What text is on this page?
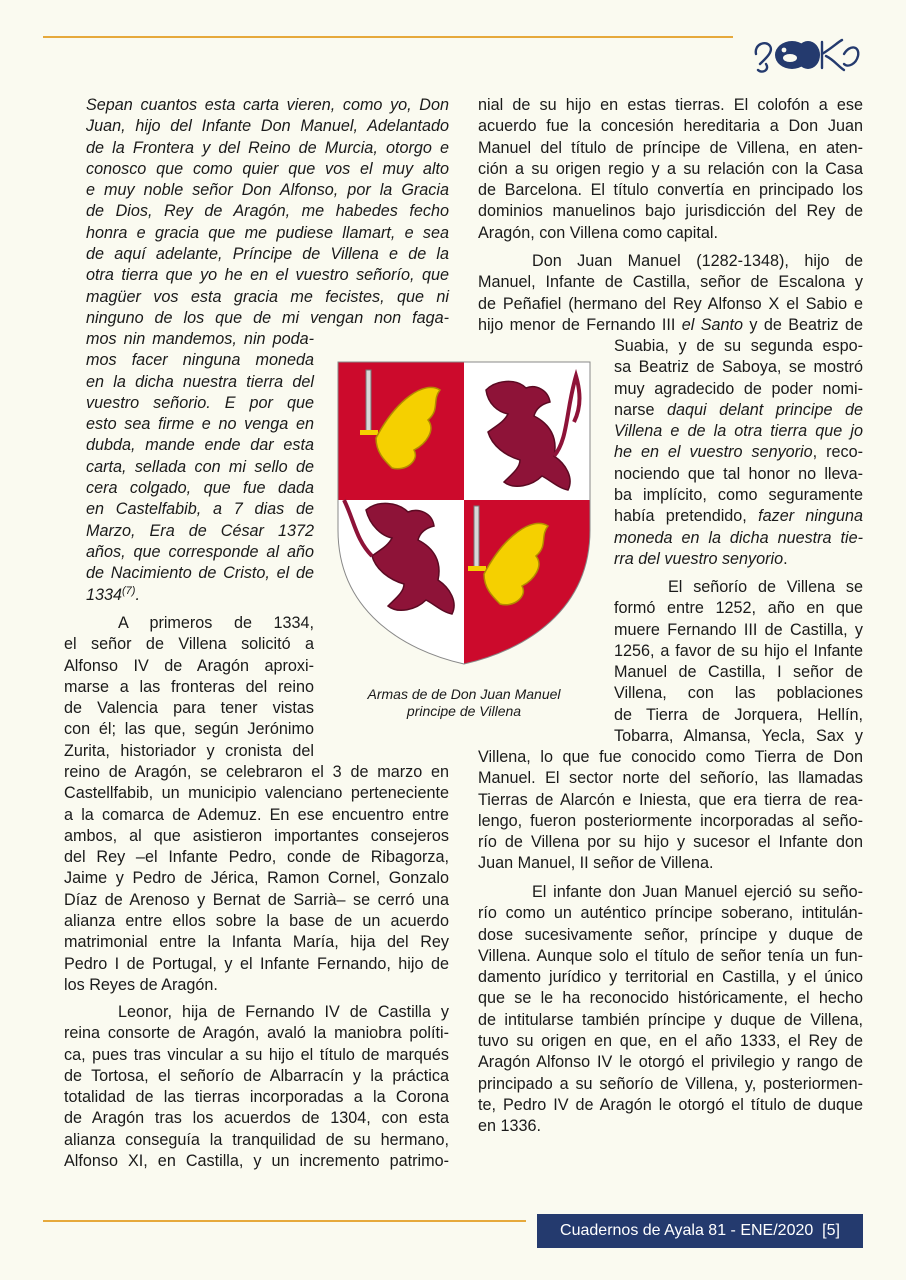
Sepan cuantos esta carta vieren, como yo, Don
Juan, hijo del Infante Don Manuel, Adelantado
de la Frontera y del Reino de Murcia, otorgo e
conosco que como quier que vos el muy alto
e muy noble señor Don Alfonso, por la Gracia
de Dios, Rey de Aragón, me habedes fecho
honra e gracia que me pudiese llamart, e sea
de aquí adelante, Príncipe de Villena e de la
otra tierra que yo he en el vuestro señorío, que
magüer vos esta gracia me fecistes, que ni
ninguno de los que de mi vengan non faga-
mos nin mandemos, nin poda-
mos facer ninguna moneda
en la dicha nuestra tierra del
vuestro señorio. E por que
esto sea firme e no venga en
dubda, mande ende dar esta
carta, sellada con mi sello de
cera colgado, que fue dada
en Castelfabib, a 7 dias de
Marzo, Era de César 1372
años, que corresponde al año
de Nacimiento de Cristo, el de
1334$^{(7)}$.
A primeros de 1334,
el señor de Villena solicitó a
Alfonso IV de Aragón aproxi-
marse a las fronteras del reino
de Valencia para tener vistas
con él; las que, según Jerónimo
Zurita, historiador y cronista del
reino de Aragón, se celebraron el 3 de marzo en
Castellfabib, un municipio valenciano perteneciente
a la comarca de Ademuz. En ese encuentro entre
ambos, al que asistieron importantes consejeros
del Rey –el Infante Pedro, conde de Ribagorza,
Jaime y Pedro de Jérica, Ramon Cornel, Gonzalo
Díaz de Arenoso y Bernat de Sarrià– se cerró una
alianza entre ellos sobre la base de un acuerdo
matrimonial entre la Infanta María, hija del Rey
Pedro I de Portugal, y el Infante Fernando, hijo de
los Reyes de Aragón.
Leonor, hija de Fernando IV de Castilla y
reina consorte de Aragón, avaló la maniobra políti-
ca, pues tras vincular a su hijo el título de marqués
de Tortosa, el señorío de Albarracín y la práctica
totalidad de las tierras incorporadas a la Corona
de Aragón tras los acuerdos de 1304, con esta
alianza conseguía la tranquilidad de su hermano,
Alfonso XI, en Castilla, y un incremento patrimo-
Armas de de Don Juan Manuel
principe de Villena
nial de su hijo en estas tierras. El colofón a ese
acuerdo fue la concesión hereditaria a Don Juan
Manuel del título de príncipe de Villena, en aten-
ción a su origen regio y a su relación con la Casa
de Barcelona. El título convertía en principado los
dominios manuelinos bajo jurisdicción del Rey de
Aragón, con Villena como capital.
Don Juan Manuel (1282-1348), hijo de
Manuel, Infante de Castilla, señor de Escalona y
de Peñafiel (hermano del Rey Alfonso X el Sabio e
hijo menor de Fernando III el Santo y de Beatriz de
Suabia, y de su segunda espo-
sa Beatriz de Saboya, se mostró
muy agradecido de poder nomi-
narse daqui delant principe de
Villena e de la otra tierra que jo
he en el vuestro senyorio, reco-
nociendo que tal honor no lleva-
ba implícito, como seguramente
había pretendido, fazer ninguna
moneda en la dicha nuestra tie-
rra del vuestro senyorio.
El señorío de Villena se
formó entre 1252, año en que
muere Fernando III de Castilla, y
1256, a favor de su hijo el Infante
Manuel de Castilla, I señor de
Villena, con las poblaciones
de Tierra de Jorquera, Hellín,
Tobarra, Almansa, Yecla, Sax y
Villena, lo que fue conocido como Tierra de Don
Manuel. El sector norte del señorío, las llamadas
Tierras de Alarcón e Iniesta, que era tierra de rea-
lengo, fueron posteriormente incorporadas al seño-
río de Villena por su hijo y sucesor el Infante don
Juan Manuel, II señor de Villena.
El infante don Juan Manuel ejerció su seño-
río como un auténtico príncipe soberano, intitulán-
dose sucesivamente señor, príncipe y duque de
Villena. Aunque solo el título de señor tenía un fun-
damento jurídico y territorial en Castilla, y el único
que se le ha reconocido históricamente, el hecho
de intitularse también príncipe y duque de Villena,
tuvo su origen en que, en el año 1333, el Rey de
Aragón Alfonso IV le otorgó el privilegio y rango de
principado a su señorío de Villena, y, posteriormen-
te, Pedro IV de Aragón le otorgó el título de duque
en 1336.
Cuadernos de Ayala 81 - ENE/2020 [5]
